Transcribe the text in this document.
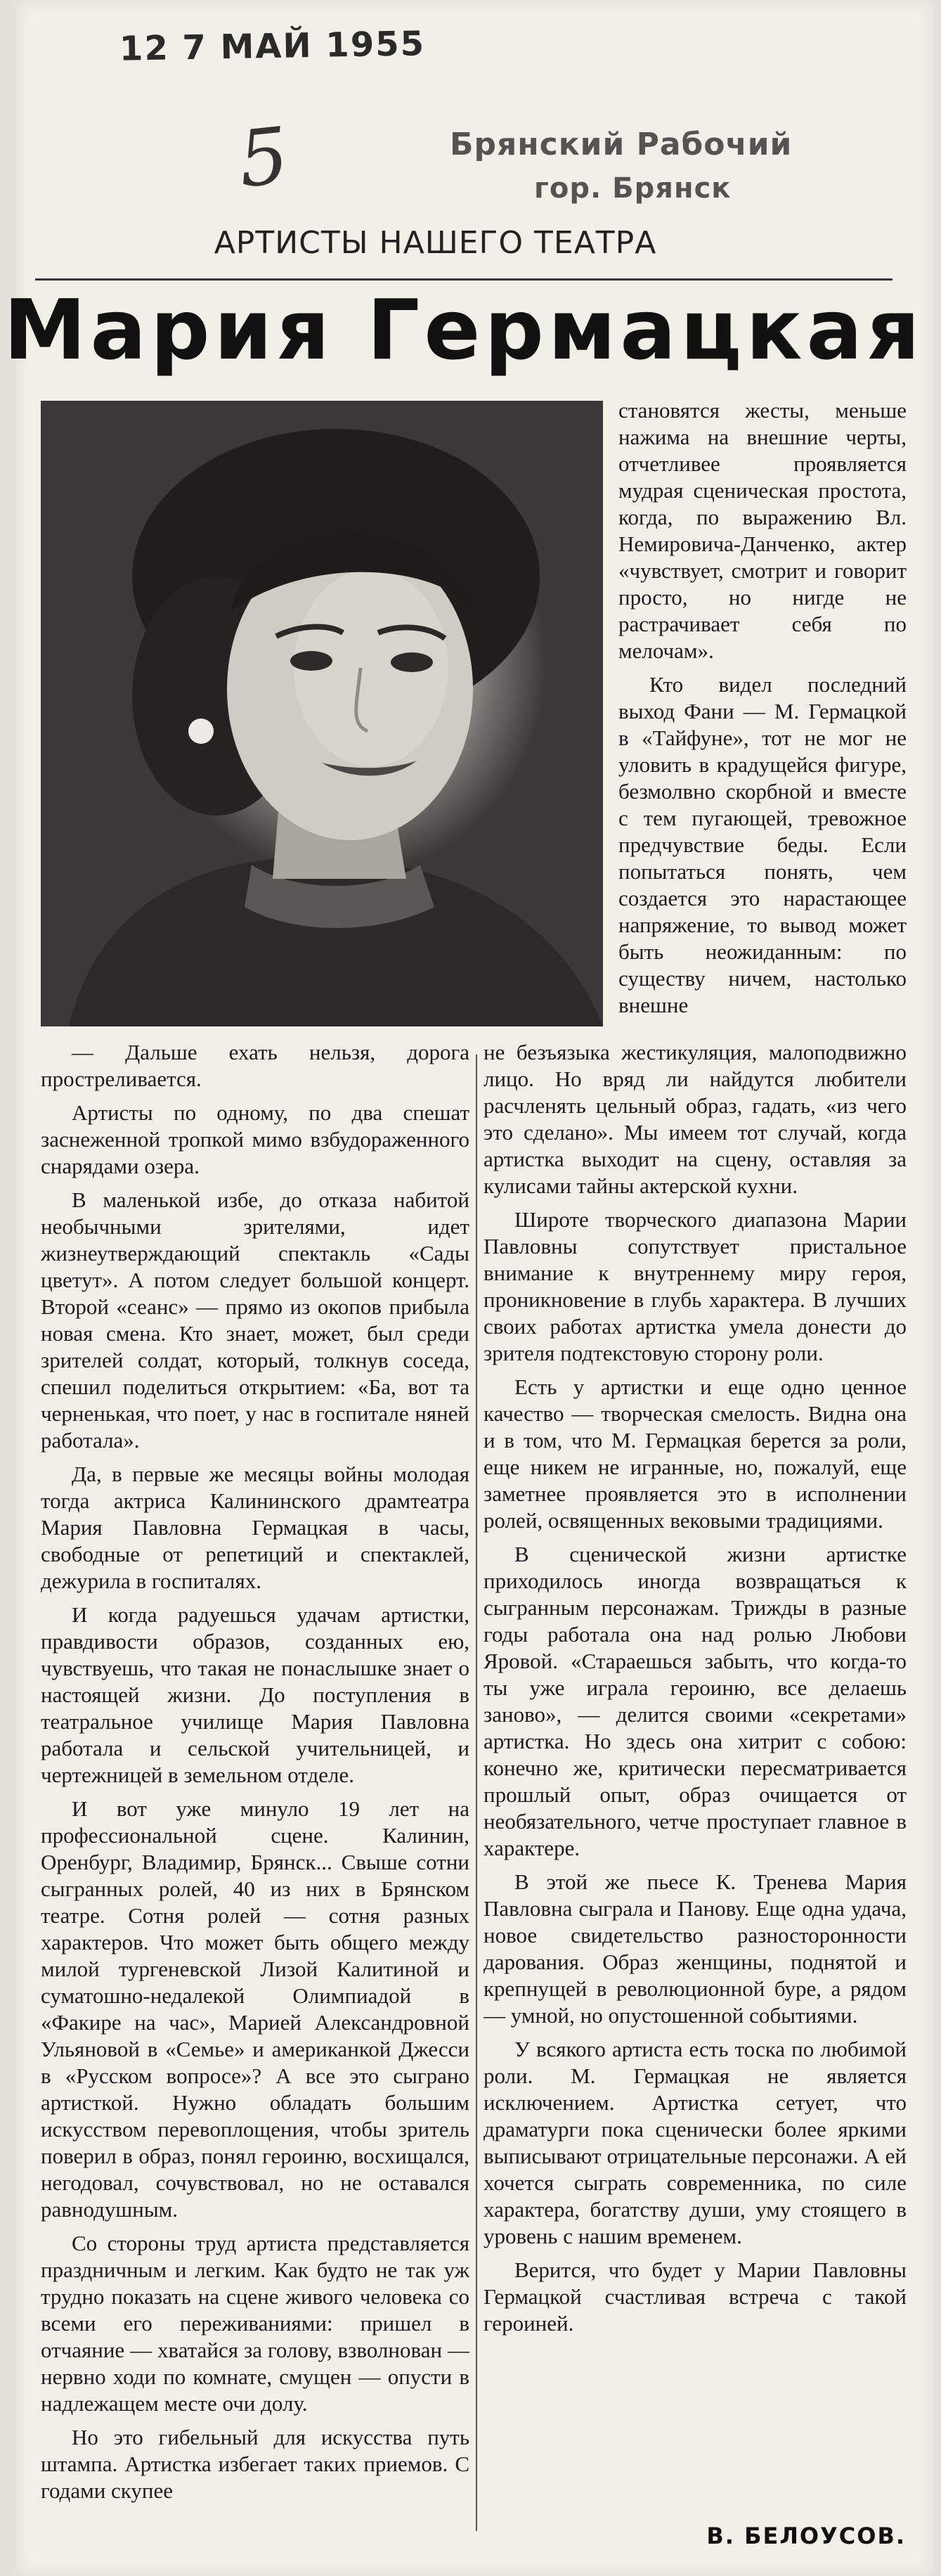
12 7 МАЙ 1955
5	Брянский Рабочий
гор. Брянск
АРТИСТЫ НАШЕГО ТЕАТРА
Мария Гермацкая

становятся жесты, меньше нажима на внешние черты, отчетливее проявляется мудрая сценическая простота, когда, по выражению Вл. Немировича-Данченко, актер «чувствует, смотрит и говорит просто, но нигде не растрачивает себя по мелочам».

Кто видел последний выход Фани — М. Гермацкой в «Тайфуне», тот не мог не уловить в крадущейся фигуре, безмолвно скорбной и вместе с тем пугающей, тревожное предчувствие беды. Если попытаться понять, чем создается это нарастающее напряжение, то вывод может быть неожиданным: по существу ничем, настолько внешне

— Дальше ехать нельзя, дорога простреливается.

Артисты по одному, по два спешат заснеженной тропкой мимо взбудораженного снарядами озера.

В маленькой избе, до отказа набитой необычными зрителями, идет жизнеутверждающий спектакль «Сады цветут». А потом следует большой концерт. Второй «сеанс» — прямо из окопов прибыла новая смена. Кто знает, может, был среди зрителей солдат, который, толкнув соседа, спешил поделиться открытием: «Ба, вот та черненькая, что поет, у нас в госпитале няней работала».

Да, в первые же месяцы войны молодая тогда актриса Калининского драмтеатра Мария Павловна Гермацкая в часы, свободные от репетиций и спектаклей, дежурила в госпиталях.

И когда радуешься удачам артистки, правдивости образов, созданных ею, чувствуешь, что такая не понаслышке знает о настоящей жизни. До поступления в театральное училище Мария Павловна работала и сельской учительницей, и чертежницей в земельном отделе.

И вот уже минуло 19 лет на профессиональной сцене. Калинин, Оренбург, Владимир, Брянск... Свыше сотни сыгранных ролей, 40 из них в Брянском театре. Сотня ролей — сотня разных характеров. Что может быть общего между милой тургеневской Лизой Калитиной и суматошно-недалекой Олимпиадой в «Факире на час», Марией Александровной Ульяновой в «Семье» и американкой Джесси в «Русском вопросе»? А все это сыграно артисткой. Нужно обладать большим искусством перевоплощения, чтобы зритель поверил в образ, понял героиню, восхищался, негодовал, сочувствовал, но не оставался равнодушным.

Со стороны труд артиста представляется праздничным и легким. Как будто не так уж трудно показать на сцене живого человека со всеми его переживаниями: пришел в отчаяние — хватайся за голову, взволнован — нервно ходи по комнате, смущен — опусти в надлежащем месте очи долу.

Но это гибельный для искусства путь штампа. Артистка избегает таких приемов. С годами скупее

не безъязыка жестикуляция, малоподвижно лицо. Но вряд ли найдутся любители расчленять цельный образ, гадать, «из чего это сделано». Мы имеем тот случай, когда артистка выходит на сцену, оставляя за кулисами тайны актерской кухни.

Широте творческого диапазона Марии Павловны сопутствует пристальное внимание к внутреннему миру героя, проникновение в глубь характера. В лучших своих работах артистка умела донести до зрителя подтекстовую сторону роли.

Есть у артистки и еще одно ценное качество — творческая смелость. Видна она и в том, что М. Гермацкая берется за роли, еще никем не игранные, но, пожалуй, еще заметнее проявляется это в исполнении ролей, освященных вековыми традициями.

В сценической жизни артистке приходилось иногда возвращаться к сыгранным персонажам. Трижды в разные годы работала она над ролью Любови Яровой. «Стараешься забыть, что когда-то ты уже играла героиню, все делаешь заново», — делится своими «секретами» артистка. Но здесь она хитрит с собою: конечно же, критически пересматривается прошлый опыт, образ очищается от необязательного, четче проступает главное в характере.

В этой же пьесе К. Тренева Мария Павловна сыграла и Панову. Еще одна удача, новое свидетельство разносторонности дарования. Образ женщины, поднятой и крепнущей в революционной буре, а рядом — умной, но опустошенной событиями.

У всякого артиста есть тоска по любимой роли. М. Гермацкая не является исключением. Артистка сетует, что драматурги пока сценически более яркими выписывают отрицательные персонажи. А ей хочется сыграть современника, по силе характера, богатству души, уму стоящего в уровень с нашим временем.

Верится, что будет у Марии Павловны Гермацкой счастливая встреча с такой героиней.

В. БЕЛОУСОВ.
